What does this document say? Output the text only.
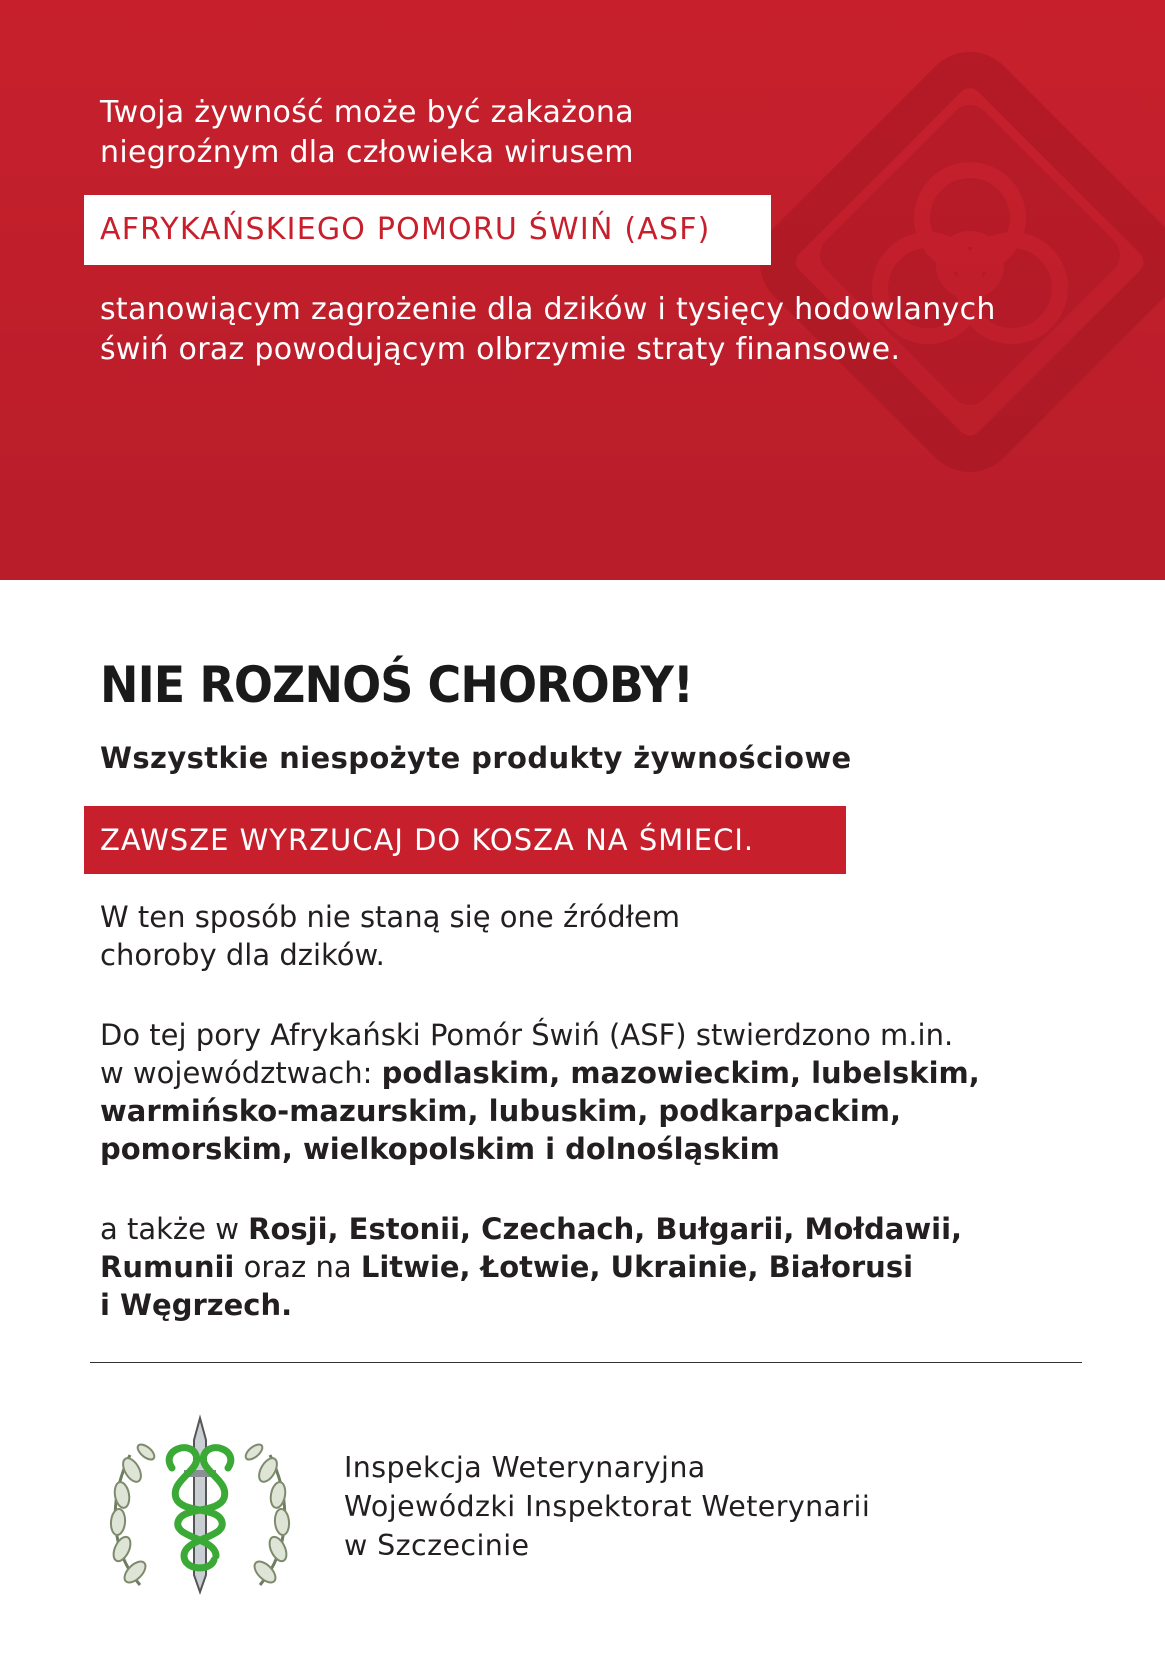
Twoja żywność może być zakażona
niegroźnym dla człowieka wirusem

AFRYKAŃSKIEGO POMORU ŚWIŃ (ASF)

stanowiącym zagrożenie dla dzików i tysięcy hodowlanych
świń oraz powodującym olbrzymie straty finansowe.

NIE ROZNOŚ CHOROBY!

Wszystkie niespożyte produkty żywnościowe

ZAWSZE WYRZUCAJ DO KOSZA NA ŚMIECI.

W ten sposób nie staną się one źródłem
choroby dla dzików.

Do tej pory Afrykański Pomór Świń (ASF) stwierdzono m.in.
w województwach: podlaskim, mazowieckim, lubelskim,
warmińsko-mazurskim, lubuskim, podkarpackim,
pomorskim, wielkopolskim i dolnośląskim

a także w Rosji, Estonii, Czechach, Bułgarii, Mołdawii,
Rumunii oraz na Litwie, Łotwie, Ukrainie, Białorusi
i Węgrzech.

Inspekcja Weterynaryjna
Wojewódzki Inspektorat Weterynarii
w Szczecinie
